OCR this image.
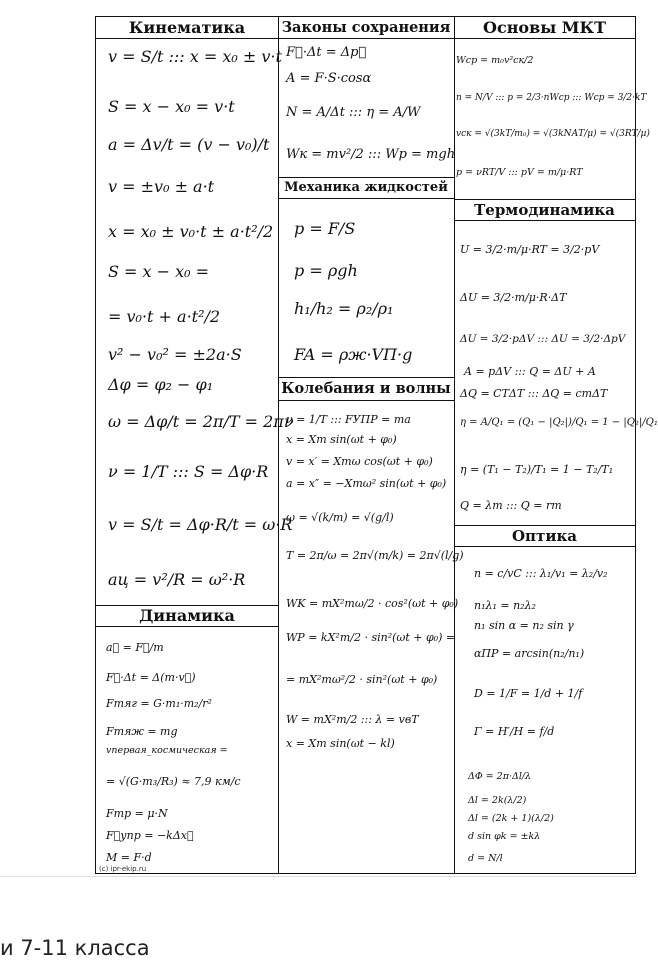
Кинематика
v = S/t ::: x = x₀ ± v·t
S = x − x₀ = v·t
a = Δv/t = (v − v₀)/t
v = ±v₀ ± a·t
x = x₀ ± v₀·t ± a·t²/2
S = x − x₀ =
= v₀·t + a·t²/2
v² − v₀² = ±2a·S
Δφ = φ₂ − φ₁
ω = Δφ/t = 2π/T = 2πν
ν = 1/T ::: S = Δφ·R
v = S/t = Δφ·R/t = ω·R
aц = v²/R = ω²·R
Динамика
a⃗ = F⃗/m
F⃗·Δt = Δ(m·v⃗)
Fтяг = G·m₁·m₂/r²
Fтяж = mg
vпервая_космическая =
= √(G·m₃/R₃) ≈ 7,9 км/с
Fтр = μ·N
F⃗упр = −kΔx⃗
M = F·d
(c) ipr-ekip.ru
Законы сохранения
F⃗·Δt = Δp⃗
A = F·S·cosα
N = A/Δt ::: η = A/W
Wк = mv²/2 ::: Wp = mgh
Механика жидкостей
p = F/S
p = ρgh
h₁/h₂ = ρ₂/ρ₁
FA = ρж·VП·g
Колебания и волны
ν = 1/T ::: FУПР = ma
x = Xm sin(ωt + φ₀)
v = x′ = Xmω cos(ωt + φ₀)
a = x″ = −Xmω² sin(ωt + φ₀)
ω = √(k/m) = √(g/l)
T = 2π/ω = 2π√(m/k) = 2π√(l/g)
WK = mX²mω/2 · cos²(ωt + φ₀)
WP = kX²m/2 · sin²(ωt + φ₀) =
= mX²mω²/2 · sin²(ωt + φ₀)
W = mX²m/2 ::: λ = vвT
x = Xm sin(ωt − kl)
Основы МКТ
Wср = m₀v²ск/2
n = N/V ::: p = 2/3·nWср ::: Wср = 3/2·kT
vск = √(3kT/m₀) = √(3kNАT/μ) = √(3RT/μ)
p = νRT/V ::: pV = m/μ·RT
Термодинамика
U = 3/2·m/μ·RT = 3/2·pV
ΔU = 3/2·m/μ·R·ΔT
ΔU = 3/2·pΔV ::: ΔU = 3/2·ΔpV
A = pΔV ::: Q = ΔU + A
ΔQ = CТΔT ::: ΔQ = cmΔT
η = A/Q₁ = (Q₁ − |Q₂|)/Q₁ = 1 − |Q₂|/Q₁
η = (T₁ − T₂)/T₁ = 1 − T₂/T₁
Q = λm ::: Q = rm
Оптика
n = c/vC ::: λ₁/v₁ = λ₂/v₂
n₁λ₁ = n₂λ₂
n₁ sin α = n₂ sin γ
αПР = arcsin(n₂/n₁)
D = 1/F = 1/d + 1/f
Γ = H′/H = f/d
ΔΦ = 2π·Δl/λ
Δl = 2k(λ/2)
Δl = (2k + 1)(λ/2)
d sin φk = ±kλ
d = N/l
и 7-11 класса
